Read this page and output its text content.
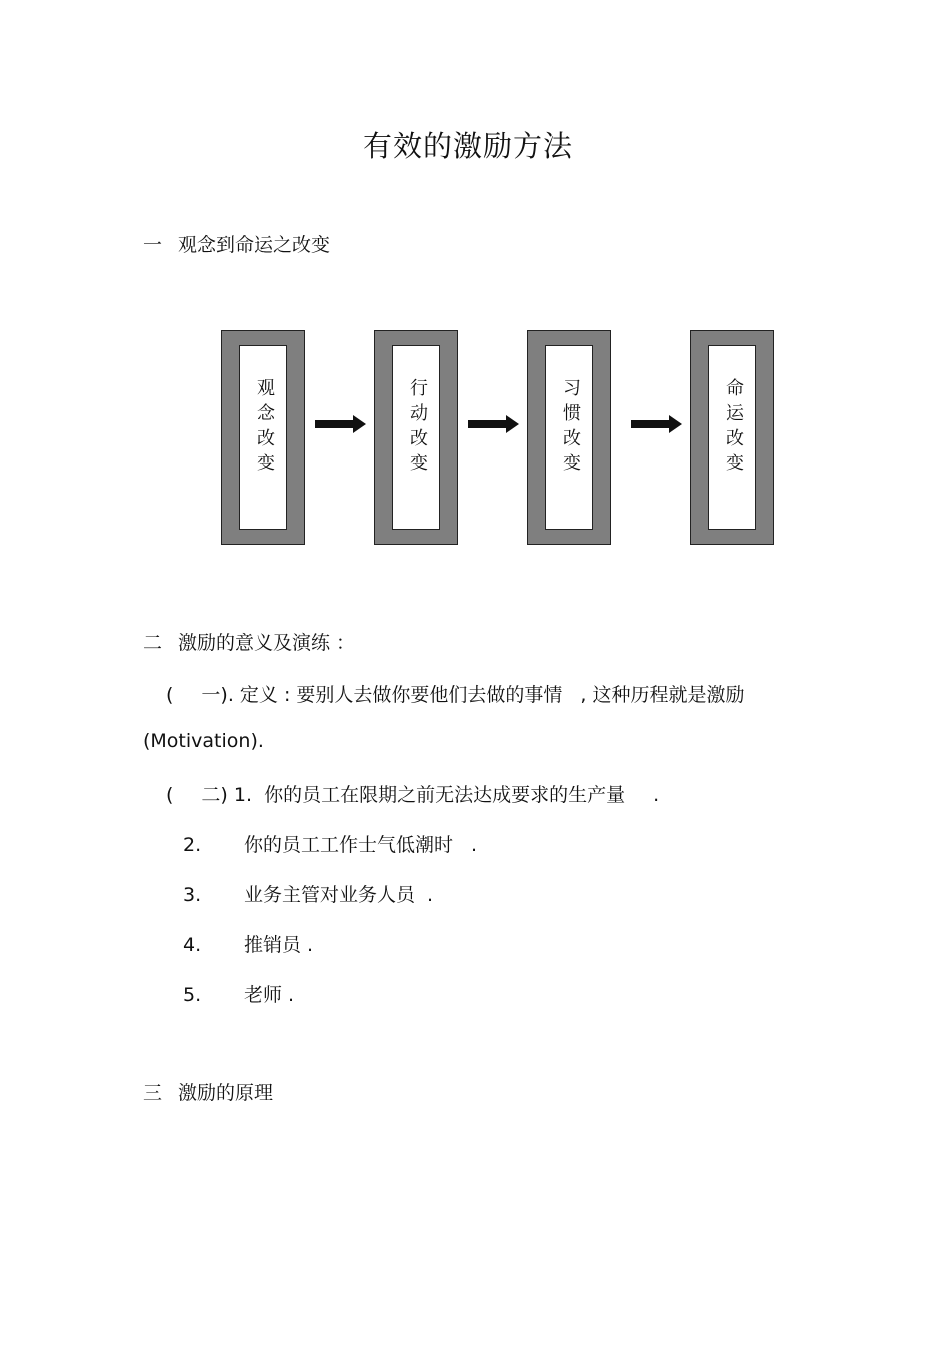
有效的激励方法
一 观念到命运之改变
观念改变	行动改变	习惯改变	命运改变
二 激励的意义及演练 ：
( 一). 定义 : 要别人去做你要他们去做的事情 , 这种历程就是激励
(Motivation).
( 二) 1. 你的员工在限期之前无法达成要求的生产量 .
2. 你的员工工作士气低潮时 .
3. 业务主管对业务人员 .
4. 推销员 .
5. 老师 .
三 激励的原理
